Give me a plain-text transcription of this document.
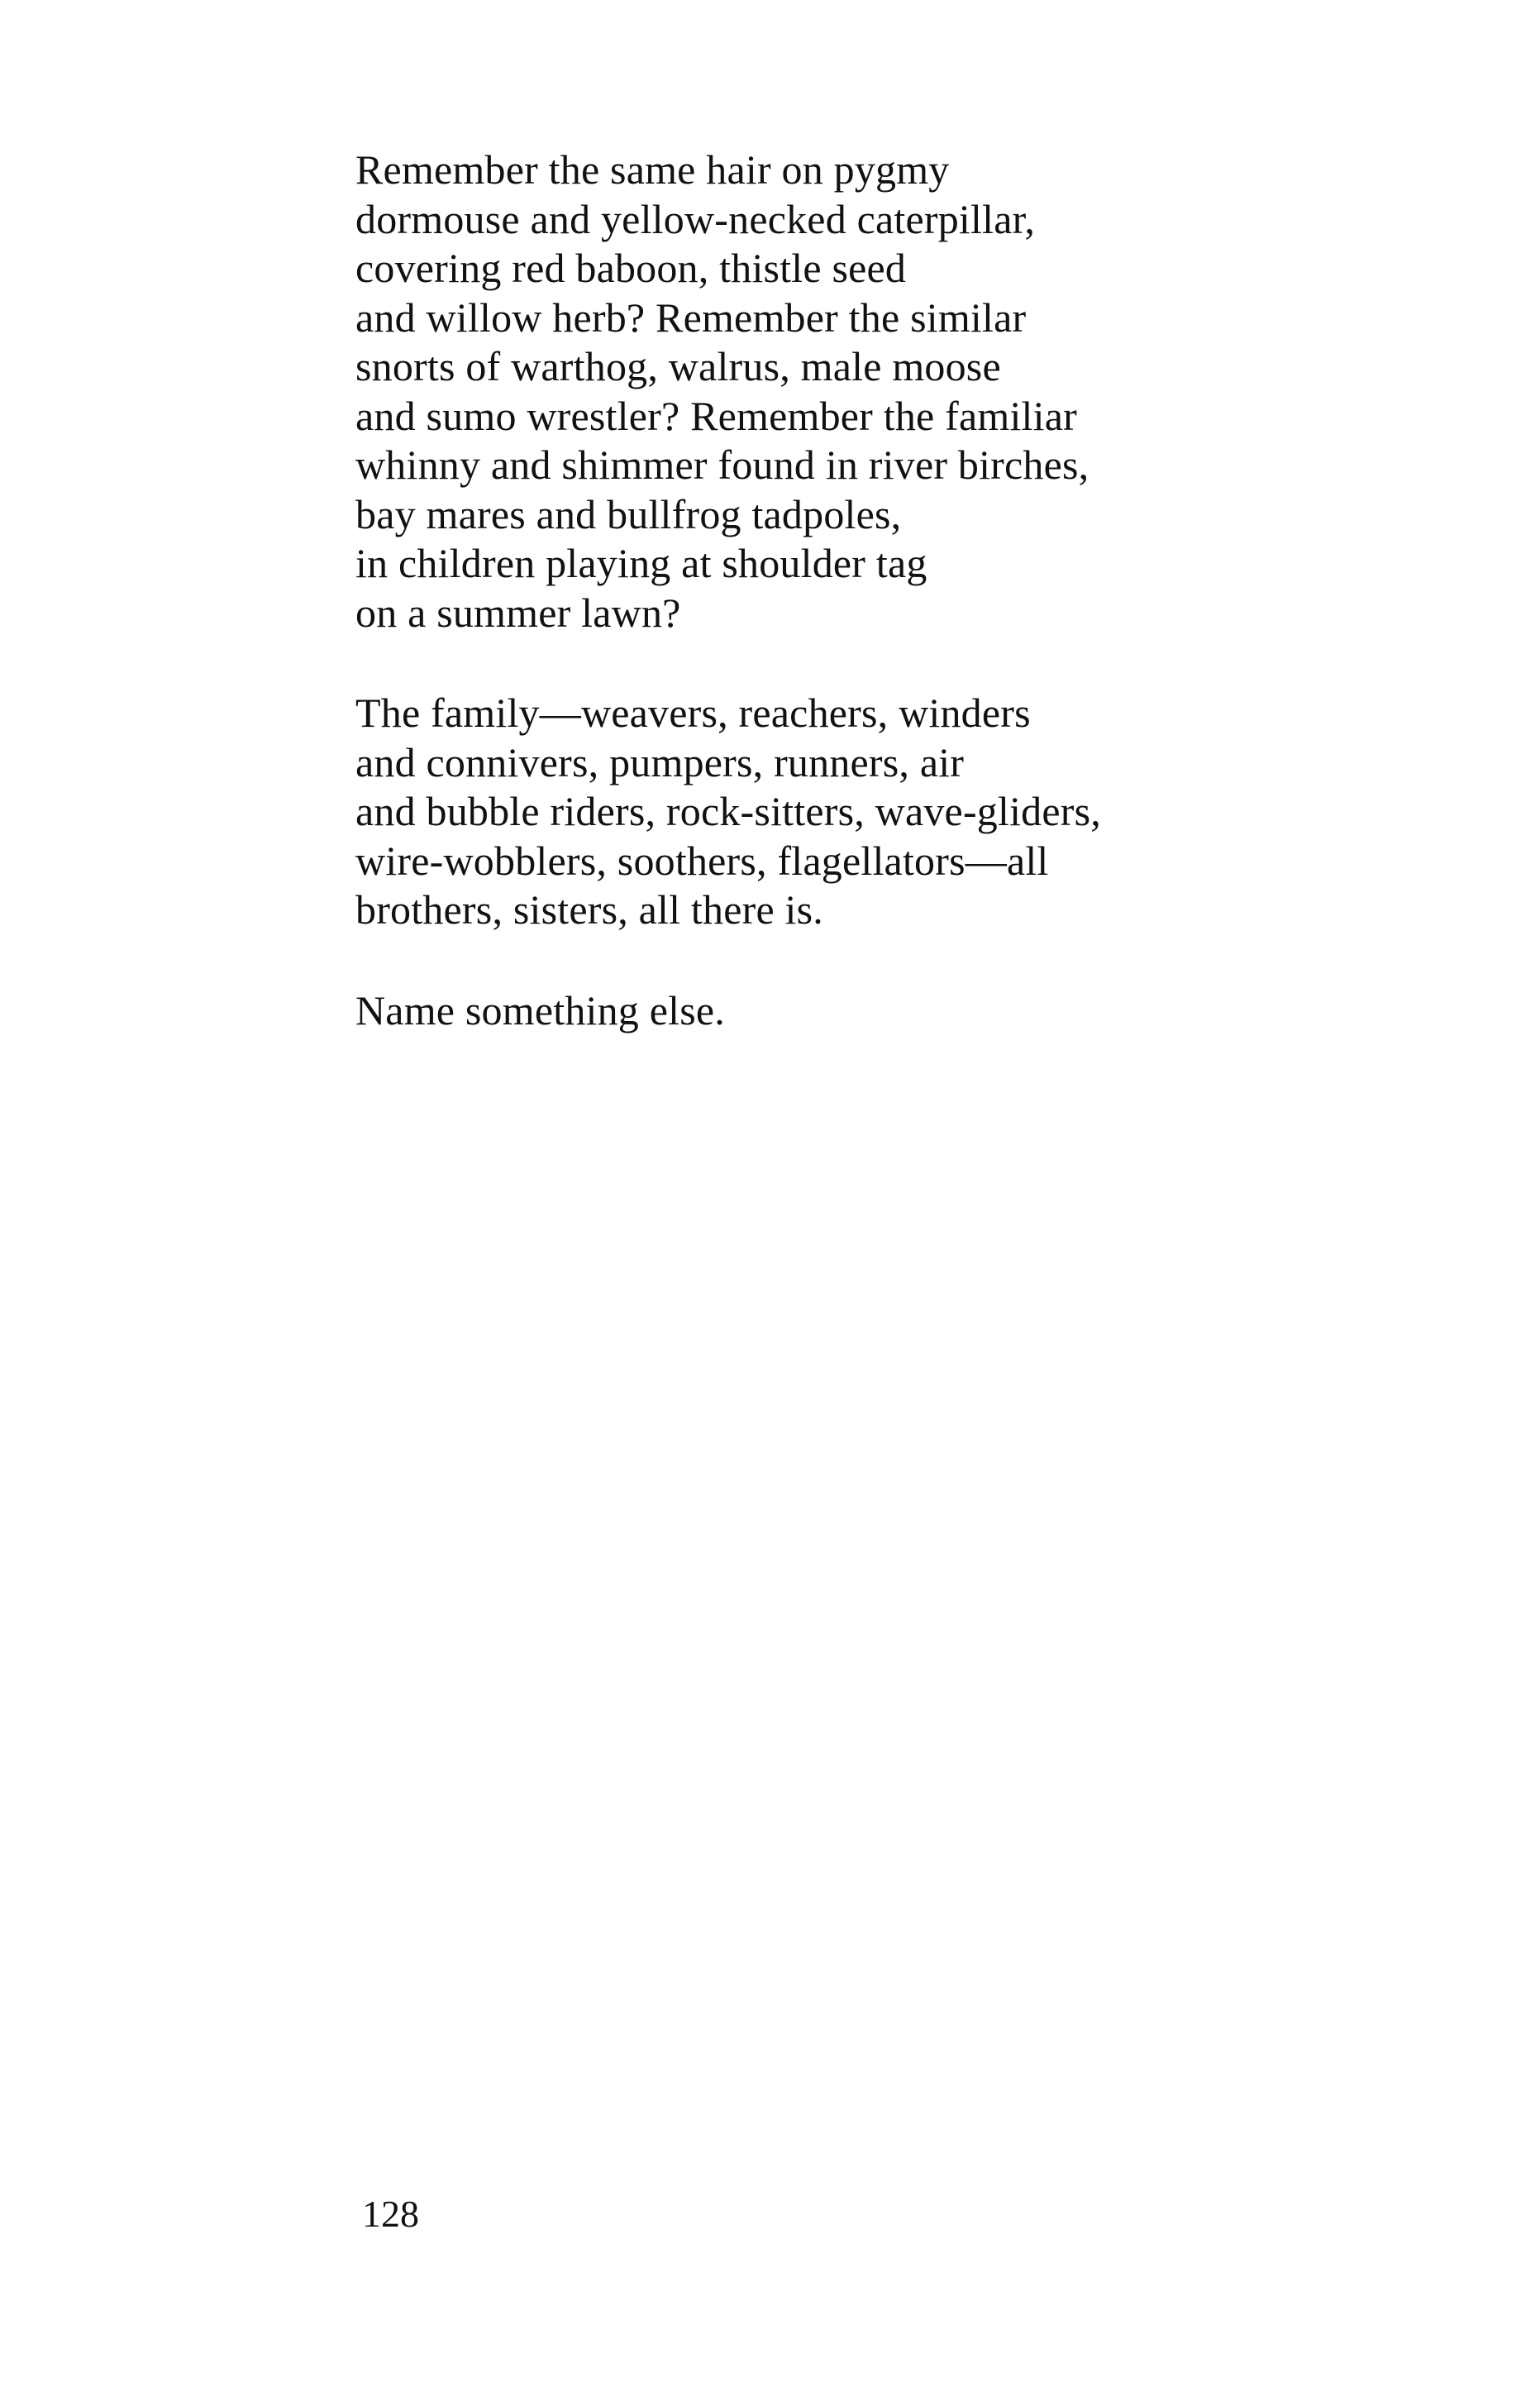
Remember the same hair on pygmy
dormouse and yellow-necked caterpillar,
covering red baboon, thistle seed
and willow herb? Remember the similar
snorts of warthog, walrus, male moose
and sumo wrestler? Remember the familiar
whinny and shimmer found in river birches,
bay mares and bullfrog tadpoles,
in children playing at shoulder tag
on a summer lawn?
The family—weavers, reachers, winders
and connivers, pumpers, runners, air
and bubble riders, rock-sitters, wave-gliders,
wire-wobblers, soothers, flagellators—all
brothers, sisters, all there is.
Name something else.
128
